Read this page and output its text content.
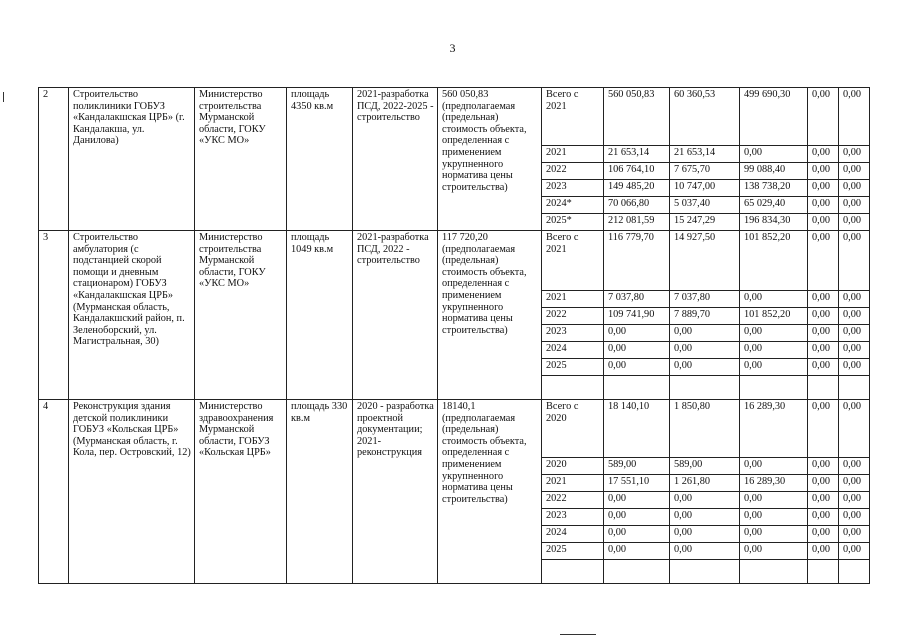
3
2	Строительство поликлиники ГОБУЗ «Кандалакшская ЦРБ» (г. Кандалакша, ул. Данилова)	Министерство строительства Мурманской области, ГОКУ «УКС МО»	площадь 4350 кв.м	2021-разработка ПСД, 2022-2025 - строительство	560 050,83 (предполагаемая (предельная) стоимость объекта, определенная с применением укрупненного норматива цены строительства)	Всего с 2021	560 050,83	60 360,53	499 690,30	0,00	0,00
						2021	21 653,14	21 653,14	0,00	0,00	0,00
						2022	106 764,10	7 675,70	99 088,40	0,00	0,00
						2023	149 485,20	10 747,00	138 738,20	0,00	0,00
						2024*	70 066,80	5 037,40	65 029,40	0,00	0,00
						2025*	212 081,59	15 247,29	196 834,30	0,00	0,00
3	Строительство амбулатория (с подстанцией скорой помощи и дневным стационаром) ГОБУЗ «Кандалакшская ЦРБ» (Мурманская область, Кандалакшский район, п. Зеленоборский, ул. Магистральная, 30)	Министерство строительства Мурманской области, ГОКУ «УКС МО»	площадь 1049 кв.м	2021-разработка ПСД, 2022 - строительство	117 720,20 (предполагаемая (предельная) стоимость объекта, определенная с применением укрупненного норматива цены строительства)	Всего с 2021	116 779,70	14 927,50	101 852,20	0,00	0,00
						2021	7 037,80	7 037,80	0,00	0,00	0,00
						2022	109 741,90	7 889,70	101 852,20	0,00	0,00
						2023	0,00	0,00	0,00	0,00	0,00
						2024	0,00	0,00	0,00	0,00	0,00
						2025	0,00	0,00	0,00	0,00	0,00

4	Реконструкция здания детской поликлиники ГОБУЗ «Кольская ЦРБ» (Мурманская область, г. Кола, пер. Островский, 12)	Министерство здравоохранения Мурманской области, ГОБУЗ «Кольская ЦРБ»	площадь 330 кв.м	2020 - разработка проектной документации; 2021-реконструкция	18140,1 (предполагаемая (предельная) стоимость объекта, определенная с применением укрупненного норматива цены строительства)	Всего с 2020	18 140,10	1 850,80	16 289,30	0,00	0,00
						2020	589,00	589,00	0,00	0,00	0,00
						2021	17 551,10	1 261,80	16 289,30	0,00	0,00
						2022	0,00	0,00	0,00	0,00	0,00
						2023	0,00	0,00	0,00	0,00	0,00
						2024	0,00	0,00	0,00	0,00	0,00
						2025	0,00	0,00	0,00	0,00	0,00
